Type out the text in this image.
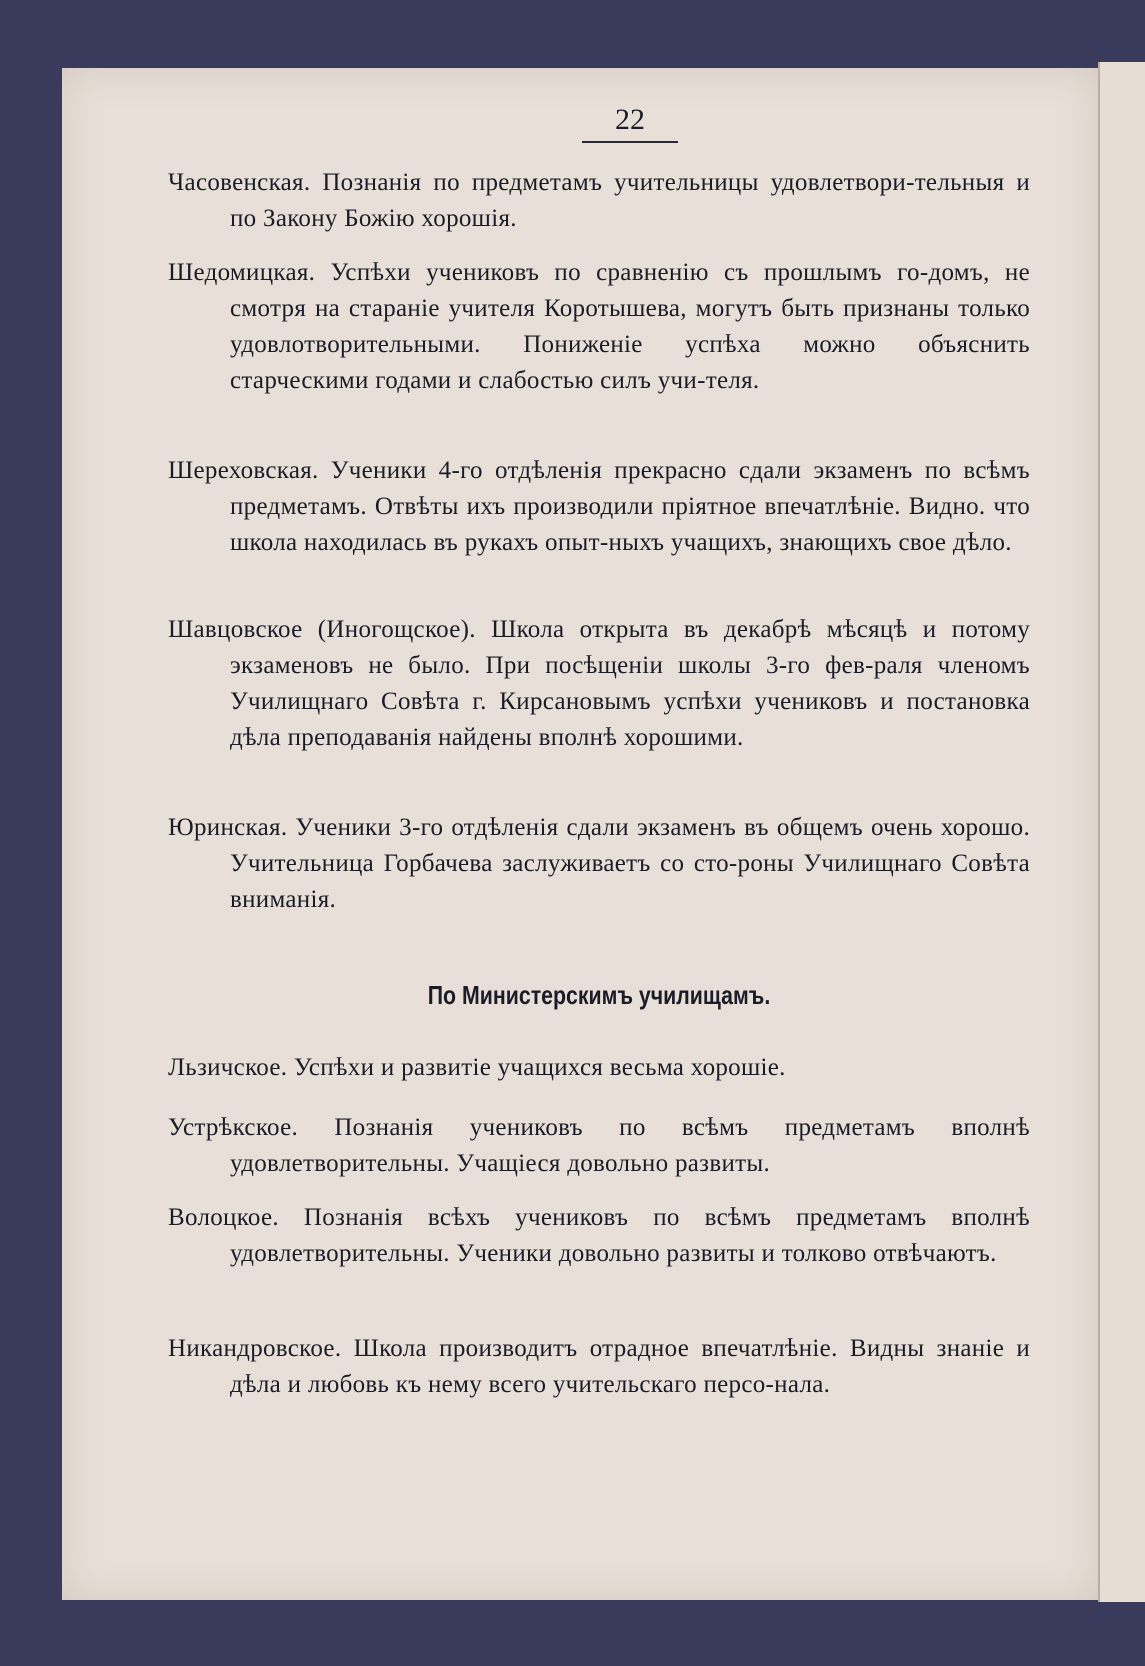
22

Часовенская. Познанія по предметамъ учительницы удовлетвори-тельныя и по Закону Божію хорошія.

Шедомицкая. Успѣхи учениковъ по сравненію съ прошлымъ го-домъ, не смотря на стараніе учителя Коротышева, могутъ быть признаны только удовлотворительными. Пониженіе успѣха можно объяснить старческими годами и слабостью силъ учи-теля.

Шереховская. Ученики 4-го отдѣленія прекрасно сдали экзаменъ по всѣмъ предметамъ. Отвѣты ихъ производили пріятное впечатлѣніе. Видно. что школа находилась въ рукахъ опыт-ныхъ учащихъ, знающихъ свое дѣло.

Шавцовское (Иногощское). Школа открыта въ декабрѣ мѣсяцѣ и потому экзаменовъ не было. При посѣщеніи школы 3-го фев-раля членомъ Училищнаго Совѣта г. Кирсановымъ успѣхи учениковъ и постановка дѣла преподаванія найдены вполнѣ хорошими.

Юринская. Ученики 3-го отдѣленія сдали экзаменъ въ общемъ очень хорошо. Учительница Горбачева заслуживаетъ со сто-роны Училищнаго Совѣта вниманія.

По Министерскимъ училищамъ.

Льзичское. Успѣхи и развитіе учащихся весьма хорошіе.

Устрѣкское. Познанія учениковъ по всѣмъ предметамъ вполнѣ удовлетворительны. Учащіеся довольно развиты.

Волоцкое. Познанія всѣхъ учениковъ по всѣмъ предметамъ вполнѣ удовлетворительны. Ученики довольно развиты и толково отвѣчаютъ.

Никандровское. Школа производитъ отрадное впечатлѣніе. Видны знаніе и дѣла и любовь къ нему всего учительскаго персо-нала.
